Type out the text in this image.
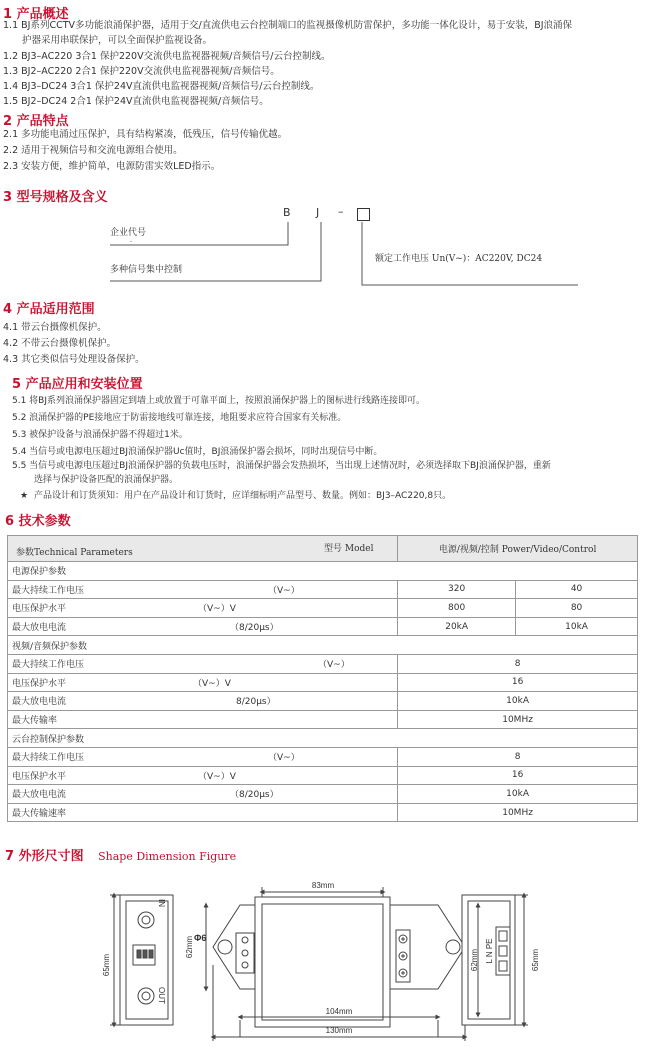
1 产品概述
1.1 BJ系列CCTV多功能浪涌保护器，适用于交/直流供电云台控制端口的监视摄像机防雷保护，多功能一体化设计，易于安装，BJ浪涌保
护器采用串联保护，可以全面保护监视设备。
1.2 BJ3–AC220 3合1 保护220V交流供电监视器视频/音频信号/云台控制线。
1.3 BJ2–AC220 2合1 保护220V交流供电监视器视频/音频信号。
1.4 BJ3–DC24 3合1 保护24V直流供电监视器视频/音频信号/云台控制线。
1.5 BJ2–DC24 2合1 保护24V直流供电监视器视频/音频信号。
2 产品特点
2.1 多功能电涌过压保护，具有结构紧凑，低残压，信号传输优越。
2.2 适用于视频信号和交流电源组合使用。
2.3 安装方便，维护简单，电源防雷实效LED指示。
3 型号规格及含义
B J –
企业代号
多种信号集中控制
额定工作电压 Un(V~)：AC220V, DC24
-
4 产品适用范围
4.1 带云台摄像机保护。
4.2 不带云台摄像机保护。
4.3 其它类似信号处理设备保护。
5 产品应用和安装位置
5.1 将BJ系列浪涌保护器固定到墙上或放置于可靠平面上，按照浪涌保护器上的图标进行线路连接即可。
5.2 浪涌保护器的PE接地应于防雷接地线可靠连接，地阻要求应符合国家有关标准。
5.3 被保护设备与浪涌保护器不得超过1米。
5.4 当信号或电源电压超过BJ浪涌保护器Uc值时，BJ浪涌保护器会损坏，同时出现信号中断。
5.5 当信号或电源电压超过BJ浪涌保护器的负载电压时，浪涌保护器会发热损坏，当出现上述情况时，必须选择取下BJ浪涌保护器，重新
选择与保护设备匹配的浪涌保护器。
★ 产品设计和订货须知：用户在产品设计和订货时，应详细标明产品型号、数量。例如：BJ3–AC220,8只。
6 技术参数
参数Technical Parameters 型号 Model	电源/视频/控制 Power/Video/Control	
电源保护参数		
最大持续工作电压 （V~）	320	40
电压保护水平 （V~）V	800	80
最大放电电流 （8/20μs）	20kA	10kA
视频/音频保护参数		
最大持续工作电压 （V~）	8	
电压保护水平 （V~）V	16	
最大放电电流 8/20μs）	10kA	
最大传输率	10MHz	
云台控制保护参数		
最大持续工作电压 （V~）	8	
电压保护水平 （V~）V	16	
最大放电电流 （8/20μs）	10kA	
最大传输速率	10MHz	
7 外形尺寸图 Shape Dimension Figure
65mm
IN
OUT
62mm Φ6
83mm
104mm
130mm
62mm L N PE	65mm
